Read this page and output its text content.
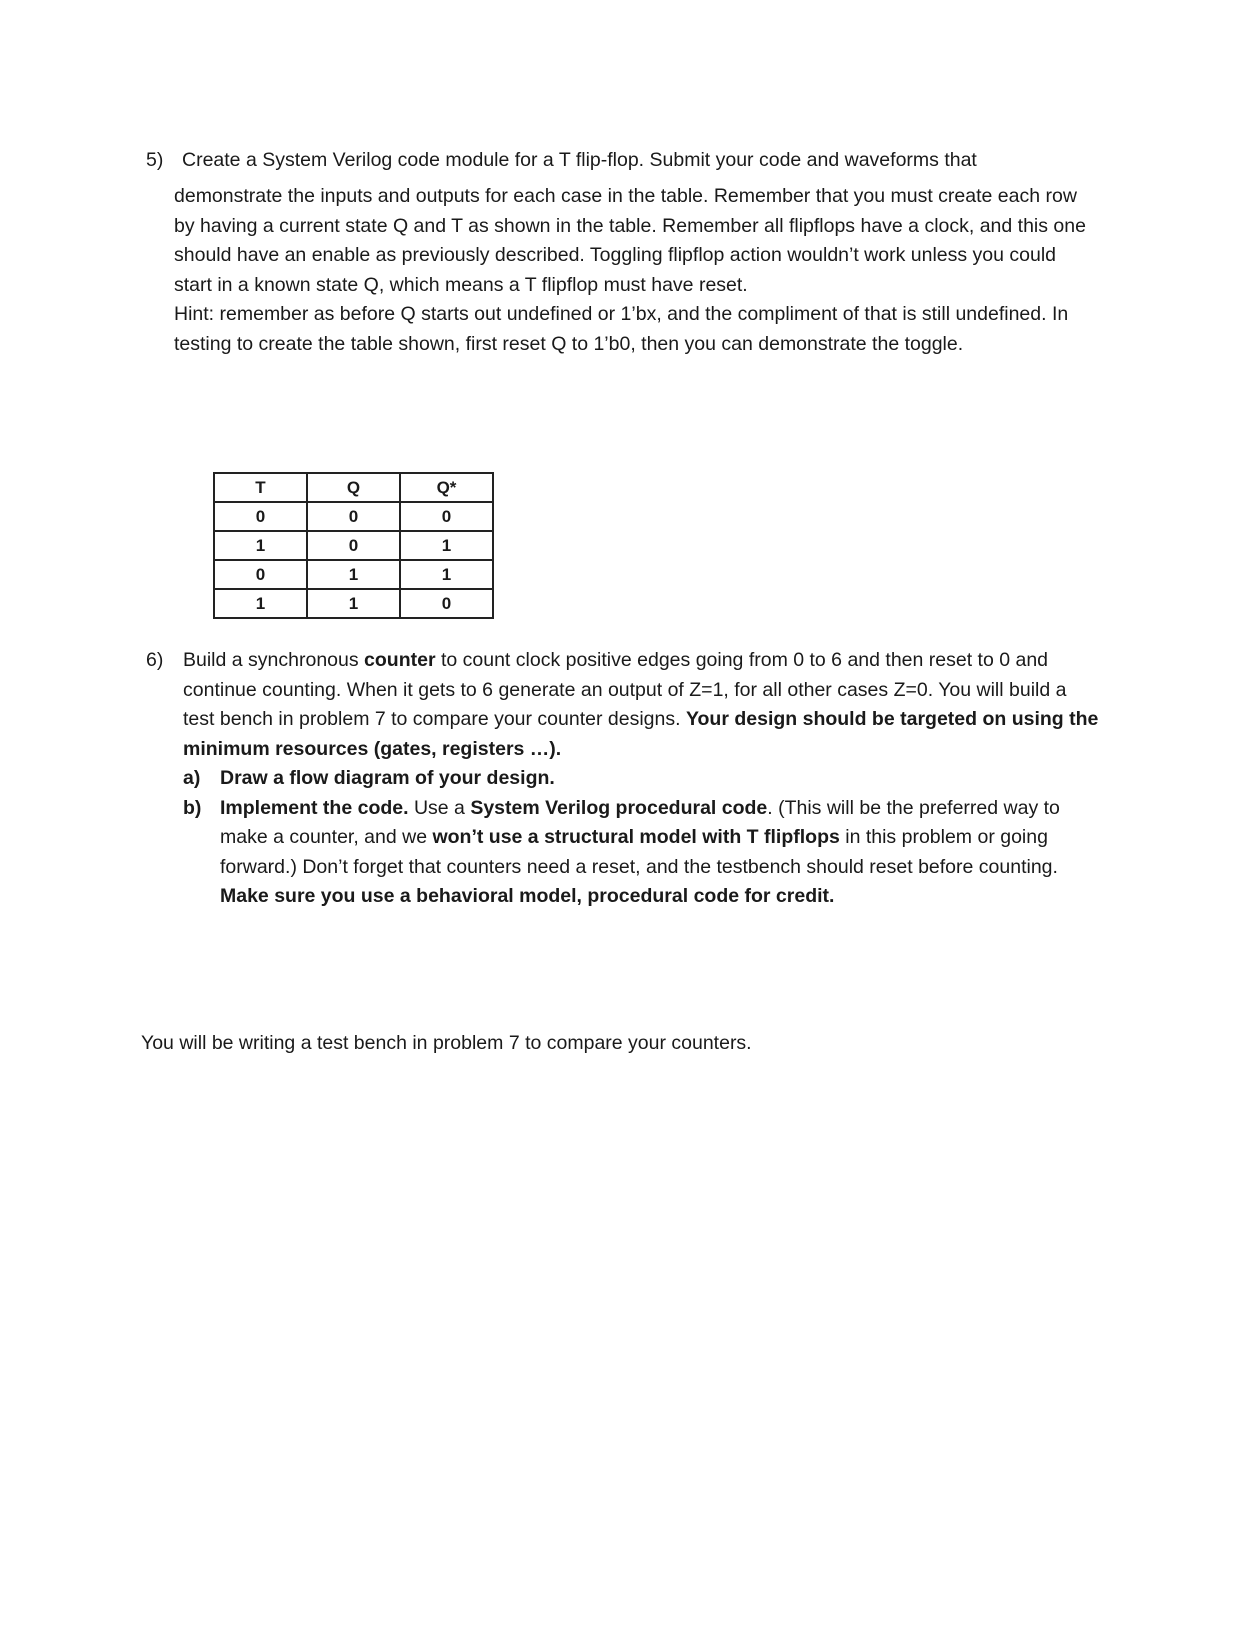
5) Create a System Verilog code module for a T flip-flop. Submit your code and waveforms that

demonstrate the inputs and outputs for each case in the table. Remember that you must create each row by having a current state Q and T as shown in the table. Remember all flipflops have a clock, and this one should have an enable as previously described. Toggling flipflop action wouldn’t work unless you could start in a known state Q, which means a T flipflop must have reset.

Hint: remember as before Q starts out undefined or 1’bx, and the compliment of that is still undefined. In testing to create the table shown, first reset Q to 1’b0, then you can demonstrate the toggle.

T	Q	Q*
0	0	0
1	0	1
0	1	1
1	1	0
6) Build a synchronous counter to count clock positive edges going from 0 to 6 and then reset to 0 and continue counting. When it gets to 6 generate an output of Z=1, for all other cases Z=0. You will build a test bench in problem 7 to compare your counter designs. Your design should be targeted on using the minimum resources (gates, registers …).

a) Draw a flow diagram of your design.

b) Implement the code. Use a System Verilog procedural code. (This will be the preferred way to make a counter, and we won’t use a structural model with T flipflops in this problem or going forward.) Don’t forget that counters need a reset, and the testbench should reset before counting. Make sure you use a behavioral model, procedural code for credit.

You will be writing a test bench in problem 7 to compare your counters.
